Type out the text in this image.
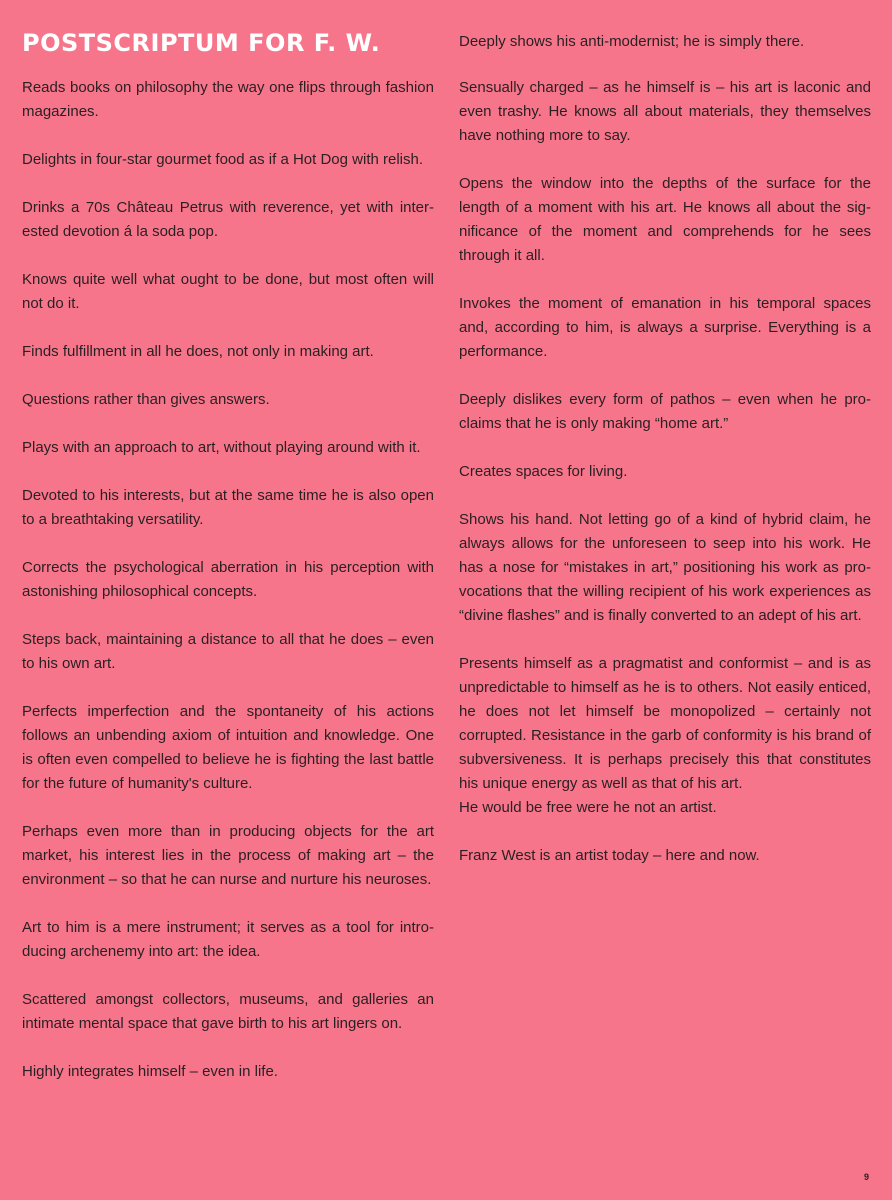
POSTSCRIPTUM FOR F. W.

Reads books on philosophy the way one flips through fashion magazines.

Delights in four-star gourmet food as if a Hot Dog with relish.

Drinks a 70s Château Petrus with reverence, yet with inter-ested devotion á la soda pop.

Knows quite well what ought to be done, but most often will not do it.

Finds fulfillment in all he does, not only in making art.

Questions rather than gives answers.

Plays with an approach to art, without playing around with it.

Devoted to his interests, but at the same time he is also open to a breathtaking versatility.

Corrects the psychological aberration in his perception with astonishing philosophical concepts.

Steps back, maintaining a distance to all that he does – even to his own art.

Perfects imperfection and the spontaneity of his actions follows an unbending axiom of intuition and knowledge. One is often even compelled to believe he is fighting the last battle for the future of humanity's culture.

Perhaps even more than in producing objects for the art market, his interest lies in the process of making art – the environment – so that he can nurse and nurture his neuroses.

Art to him is a mere instrument; it serves as a tool for intro-ducing archenemy into art: the idea.

Scattered amongst collectors, museums, and galleries an intimate mental space that gave birth to his art lingers on.

Highly integrates himself – even in life.

Deeply shows his anti-modernist; he is simply there.

Sensually charged – as he himself is – his art is laconic and even trashy. He knows all about materials, they themselves have nothing more to say.

Opens the window into the depths of the surface for the length of a moment with his art. He knows all about the sig-nificance of the moment and comprehends for he sees through it all.

Invokes the moment of emanation in his temporal spaces and, according to him, is always a surprise. Everything is a performance.

Deeply dislikes every form of pathos – even when he pro-claims that he is only making “home art.”

Creates spaces for living.

Shows his hand. Not letting go of a kind of hybrid claim, he always allows for the unforeseen to seep into his work. He has a nose for “mistakes in art,” positioning his work as pro-vocations that the willing recipient of his work experiences as “divine flashes” and is finally converted to an adept of his art.

Presents himself as a pragmatist and conformist – and is as unpredictable to himself as he is to others. Not easily enticed, he does not let himself be monopolized – certainly not corrupted. Resistance in the garb of conformity is his brand of subversiveness. It is perhaps precisely this that constitutes his unique energy as well as that of his art.

He would be free were he not an artist.

Franz West is an artist today – here and now.

9
